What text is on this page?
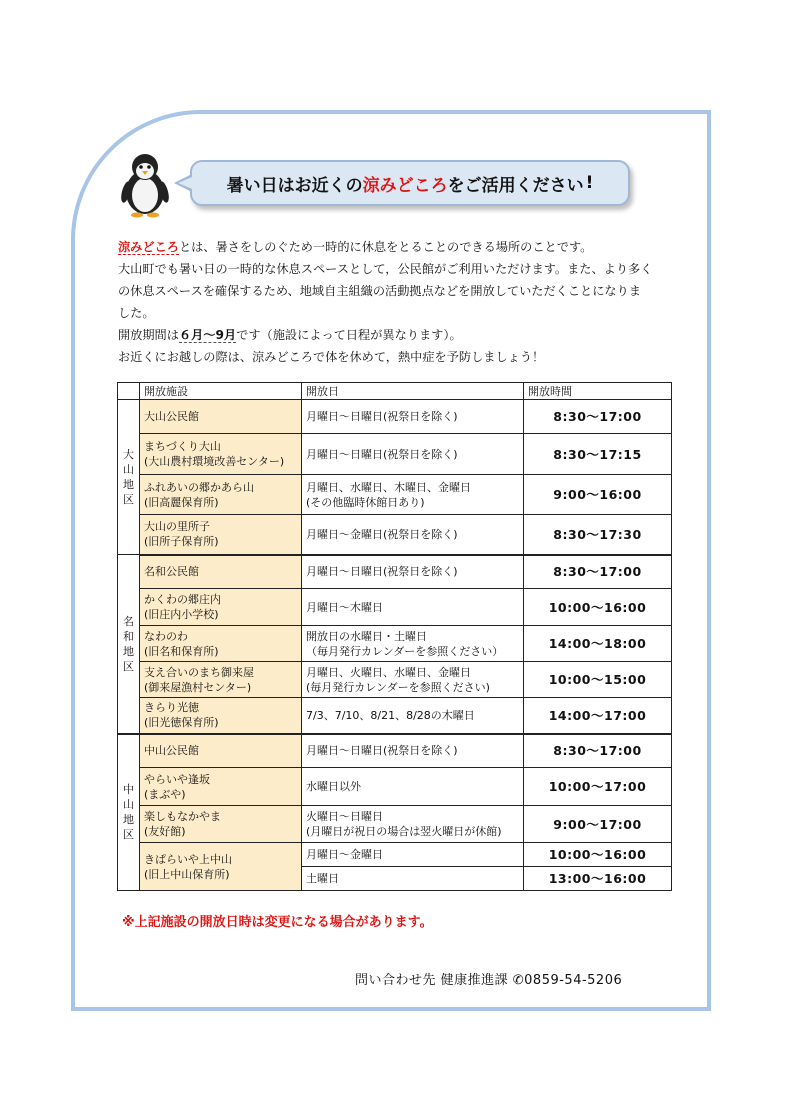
暑い日はお近くの 涼みどころ をご活用ください !

涼みどころとは、暑さをしのぐため一時的に休息をとることのできる場所のことです。

大山町でも暑い日の一時的な休息スペースとして，公民館がご利用いただけます。また、より多く

の休息スペースを確保するため、地域自主組織の活動拠点などを開放していただくことになりま

した。

開放期間は６月〜9月です（施設によって日程が異なります）。

お近くにお越しの際は、涼みどころで体を休めて，熱中症を予防しましょう！

	開放施設	開放日	開放時間
大
山
地
区	大山公民館	月曜日～日曜日(祝祭日を除く)	8:30～17:00
	まちづくり大山
(大山農村環境改善センター)	月曜日～日曜日(祝祭日を除く)	8:30～17:15
	ふれあいの郷かあら山
(旧高麗保育所)	月曜日、水曜日、木曜日、金曜日
(その他臨時休館日あり)	9:00～16:00
	大山の里所子
(旧所子保育所)	月曜日～金曜日(祝祭日を除く)	8:30～17:30
名
和
地
区	名和公民館	月曜日～日曜日(祝祭日を除く)	8:30～17:00
	かくわの郷庄内
(旧庄内小学校)	月曜日～木曜日	10:00～16:00
	なわのわ
(旧名和保育所)	開放日の水曜日・土曜日
（毎月発行カレンダーを参照ください）	14:00～18:00
	支え合いのまち御来屋
(御来屋漁村センター)	月曜日、火曜日、水曜日、金曜日
(毎月発行カレンダーを参照ください)	10:00～15:00
	きらり光徳
(旧光徳保育所)	7/3、7/10、8/21、8/28の木曜日	14:00～17:00
中
山
地
区	中山公民館	月曜日～日曜日(祝祭日を除く)	8:30～17:00
	やらいや逢坂
(まぶや)	水曜日以外	10:00～17:00
	楽しもなかやま
(友好館)	火曜日～日曜日
(月曜日が祝日の場合は翌火曜日が休館)	9:00～17:00
	きぱらいや上中山
(旧上中山保育所)	月曜日～金曜日	10:00～16:00
		土曜日	13:00～16:00
※上記施設の開放日時は変更になる場合があります。
問い合わせ先 健康推進課 ✆0859-54-5206
